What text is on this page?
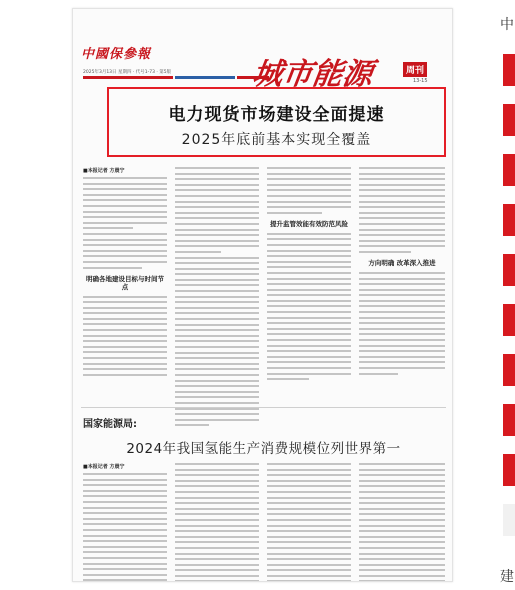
中國保參報
2025年3月13日 星期四 · 代号1-73 · 第5版	城市能源	周刊
13-15
电力现货市场建设全面提速
2025年底前基本实现全覆盖
■本报记者 方晨宁
明确各地建设目标与时间节点
提升监管效能有效防范风险
方向明确 改革深入推进
国家能源局:
2024年我国氢能生产消费规模位列世界第一
■本报记者 方晨宁
中
建
